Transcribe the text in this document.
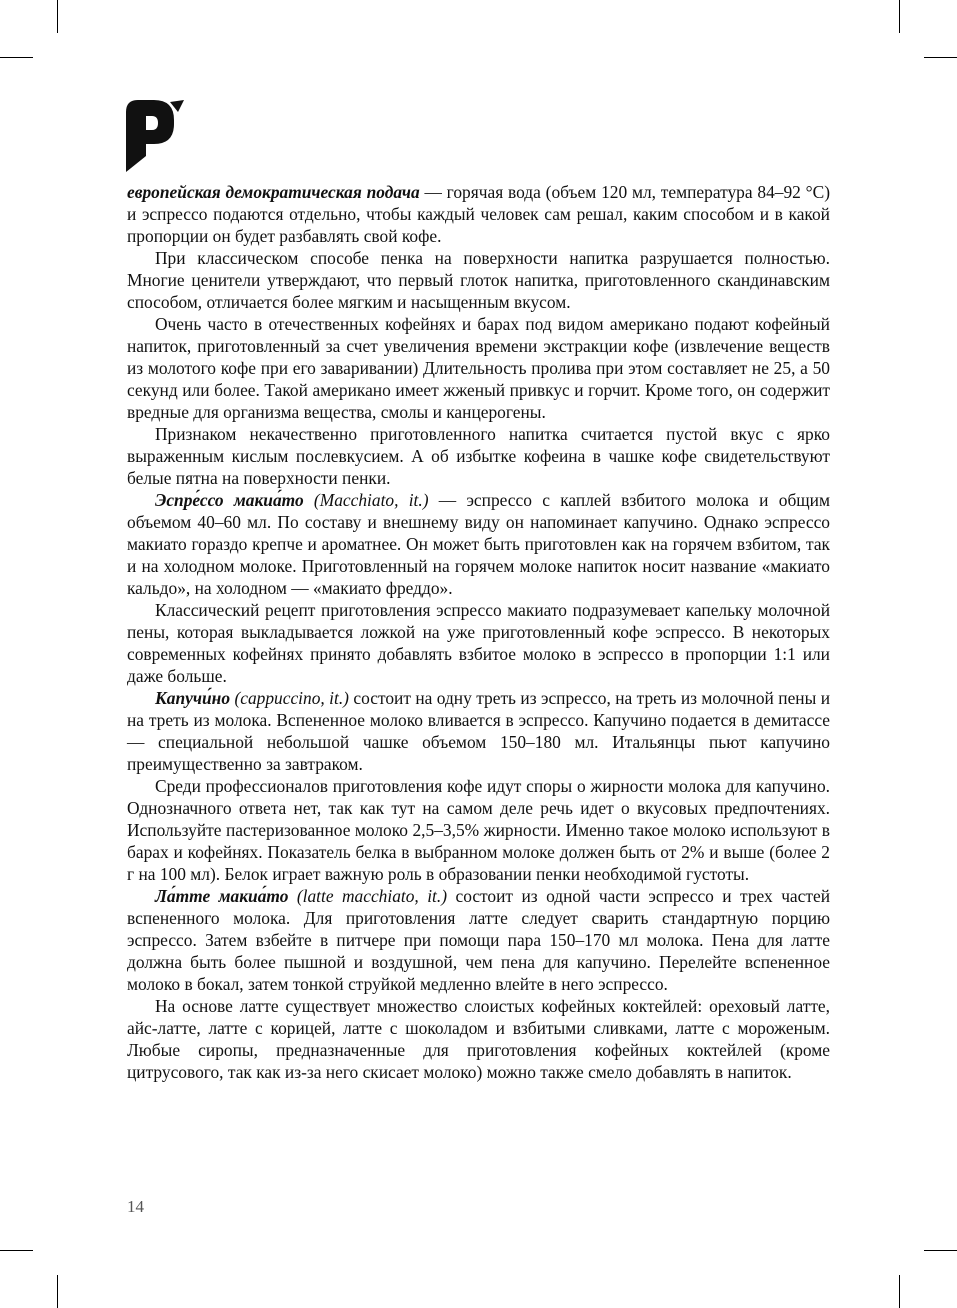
европейская демократическая подача — горячая вода (объем 120 мл, температура 84–92 °С) и эспрессо подаются отдельно, чтобы каждый человек сам решал, каким способом и в какой пропорции он будет разбавлять свой кофе.

При классическом способе пенка на поверхности напитка разрушается полностью. Многие ценители утверждают, что первый глоток напитка, приготовленного скандинавским способом, отличается более мягким и насыщенным вкусом.

Очень часто в отечественных кофейнях и барах под видом американо подают кофейный напиток, приготовленный за счет увеличения времени экстракции кофе (извлечение веществ из молотого кофе при его заваривании) Длительность пролива при этом составляет не 25, а 50 секунд или более. Такой американо имеет жженый привкус и горчит. Кроме того, он содержит вредные для организма вещества, смолы и канцерогены.

Признаком некачественно приготовленного напитка считается пустой вкус с ярко выраженным кислым послевкусием. А об избытке кофеина в чашке кофе свидетельствуют белые пятна на поверхности пенки.

Эспре́ссо макиа́то (Macchiato, it.) — эспрессо с каплей взбитого молока и общим объемом 40–60 мл. По составу и внешнему виду он напоминает капучино. Однако эспрессо макиато гораздо крепче и ароматнее. Он может быть приготовлен как на горячем взбитом, так и на холодном молоке. Приготовленный на горячем молоке напиток носит название «макиато кальдо», на холодном — «макиато фреддо».

Классический рецепт приготовления эспрессо макиато подразумевает капельку молочной пены, которая выкладывается ложкой на уже приготовленный кофе эспрессо. В некоторых современных кофейнях принято добавлять взбитое молоко в эспрессо в пропорции 1:1 или даже больше.

Капучи́но (cappuccino, it.) состоит на одну треть из эспрессо, на треть из молочной пены и на треть из молока. Вспененное молоко вливается в эспрессо. Капучино подается в демитассе — специальной небольшой чашке объемом 150–180 мл. Итальянцы пьют капучино преимущественно за завтраком.

Среди профессионалов приготовления кофе идут споры о жирности молока для капучино. Однозначного ответа нет, так как тут на самом деле речь идет о вкусовых предпочтениях. Используйте пастеризованное молоко 2,5–3,5% жирности. Именно такое молоко используют в барах и кофейнях. Показатель белка в выбранном молоке должен быть от 2% и выше (более 2 г на 100 мл). Белок играет важную роль в образовании пенки необходимой густоты.

Ла́тте макиа́то (latte macchiato, it.) состоит из одной части эспрессо и трех частей вспененного молока. Для приготовления латте следует сварить стандартную порцию эспрессо. Затем взбейте в питчере при помощи пара 150–170 мл молока. Пена для латте должна быть более пышной и воздушной, чем пена для капучино. Перелейте вспененное молоко в бокал, затем тонкой струйкой медленно влейте в него эспрессо.

На основе латте существует множество слоистых кофейных коктейлей: ореховый латте, айс-латте, латте с корицей, латте с шоколадом и взбитыми сливками, латте с мороженым. Любые сиропы, предназначенные для приготовления кофейных коктейлей (кроме цитрусового, так как из-за него скисает молоко) можно также смело добавлять в напиток.

14
